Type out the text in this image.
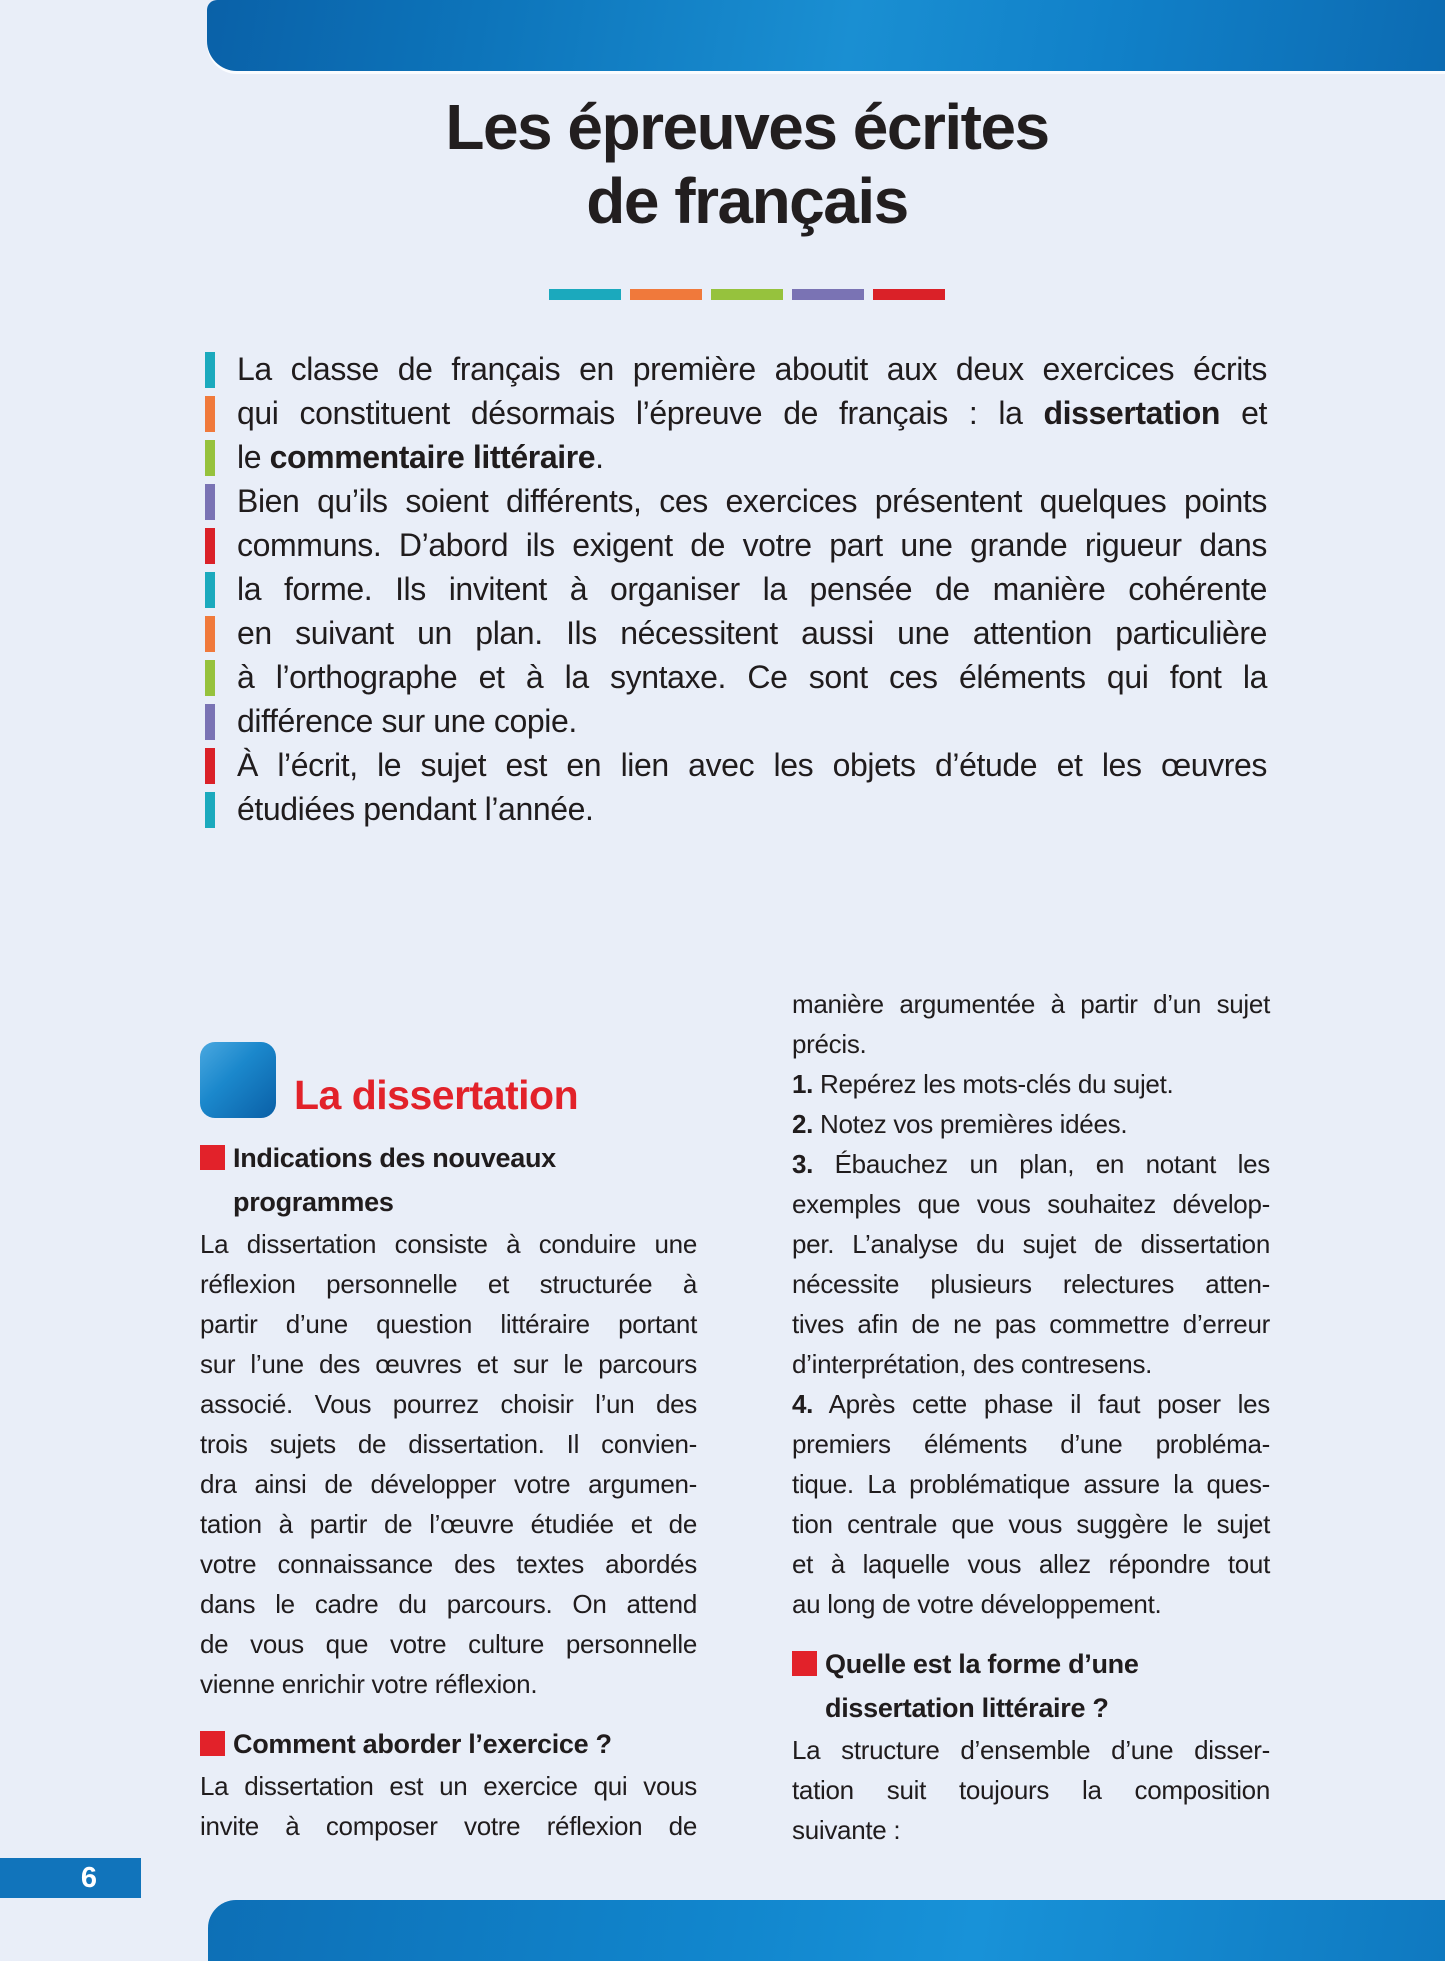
Les épreuves écrites
de français
La classe de français en première aboutit aux deux exercices écrits
qui constituent désormais l’épreuve de français : la dissertation et
le commentaire littéraire.
Bien qu’ils soient différents, ces exercices présentent quelques points
communs. D’abord ils exigent de votre part une grande rigueur dans
la forme. Ils invitent à organiser la pensée de manière cohérente
en suivant un plan. Ils nécessitent aussi une attention particulière
à l’orthographe et à la syntaxe. Ce sont ces éléments qui font la
différence sur une copie.
À l’écrit, le sujet est en lien avec les objets d’étude et les œuvres
étudiées pendant l’année.
La dissertation
Indications des nouveaux
programmes
La dissertation consiste à conduire une
réflexion personnelle et structurée à
partir d’une question littéraire portant
sur l’une des œuvres et sur le parcours
associé. Vous pourrez choisir l’un des
trois sujets de dissertation. Il convien-
dra ainsi de développer votre argumen-
tation à partir de l’œuvre étudiée et de
votre connaissance des textes abordés
dans le cadre du parcours. On attend
de vous que votre culture personnelle
vienne enrichir votre réflexion.
Comment aborder l’exercice ?
La dissertation est un exercice qui vous
invite à composer votre réflexion de
manière argumentée à partir d’un sujet
précis.
1. Repérez les mots-clés du sujet.
2. Notez vos premières idées.
3. Ébauchez un plan, en notant les
exemples que vous souhaitez dévelop-
per. L’analyse du sujet de dissertation
nécessite plusieurs relectures atten-
tives afin de ne pas commettre d’erreur
d’interprétation, des contresens.
4. Après cette phase il faut poser les
premiers éléments d’une probléma-
tique. La problématique assure la ques-
tion centrale que vous suggère le sujet
et à laquelle vous allez répondre tout
au long de votre développement.
Quelle est la forme d’une
dissertation littéraire ?
La structure d’ensemble d’une disser-
tation suit toujours la composition
suivante :
6
